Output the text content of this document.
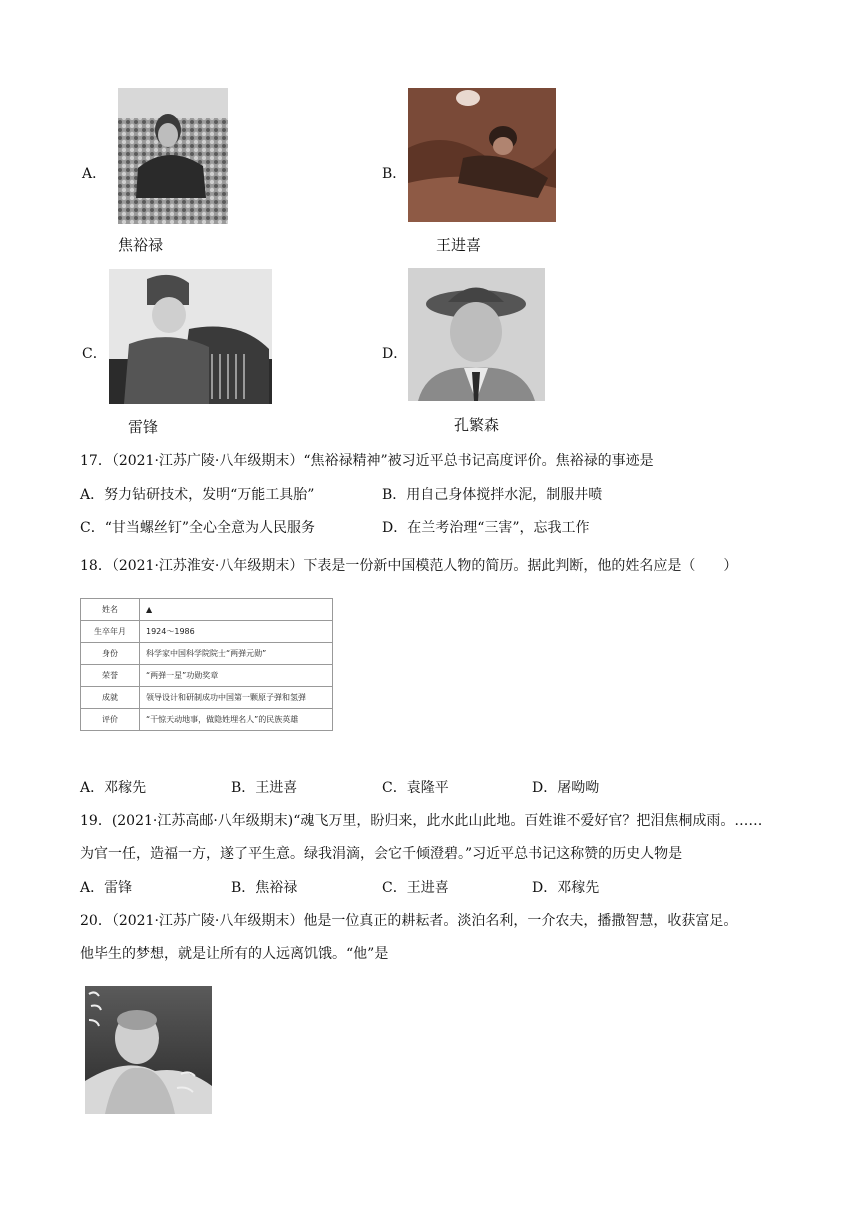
A．
焦裕禄
B．
王进喜
C．
雷锋
D．
孔繁森
17．（2021·江苏广陵·八年级期末）“焦裕禄精神”被习近平总书记高度评价。焦裕禄的事迹是
A．努力钻研技术，发明“万能工具胎”	B．用自己身体搅拌水泥，制服井喷
C．“甘当螺丝钉”全心全意为人民服务	D．在兰考治理“三害”，忘我工作
18．（2021·江苏淮安·八年级期末）下表是一份新中国模范人物的简历。据此判断，他的姓名应是（　　）
姓名	▲
生卒年月	1924～1986
身份	科学家中国科学院院士“两弹元勋”
荣誉	“两弹一星”功勋奖章
成就	领导设计和研制成功中国第一颗原子弹和氢弹
评价	“干惊天动地事，做隐姓埋名人”的民族英雄
A．邓稼先	B．王进喜	C．袁隆平	D．屠呦呦
19．(2021·江苏高邮·八年级期末)“魂飞万里，盼归来，此水此山此地。百姓谁不爱好官？把泪焦桐成雨。……
为官一任，造福一方，遂了平生意。绿我涓滴，会它千倾澄碧。”习近平总书记这称赞的历史人物是
A．雷锋	B．焦裕禄	C．王进喜	D．邓稼先
20．（2021·江苏广陵·八年级期末）他是一位真正的耕耘者。淡泊名利，一介农夫，播撒智慧，收获富足。
他毕生的梦想，就是让所有的人远离饥饿。“他”是
